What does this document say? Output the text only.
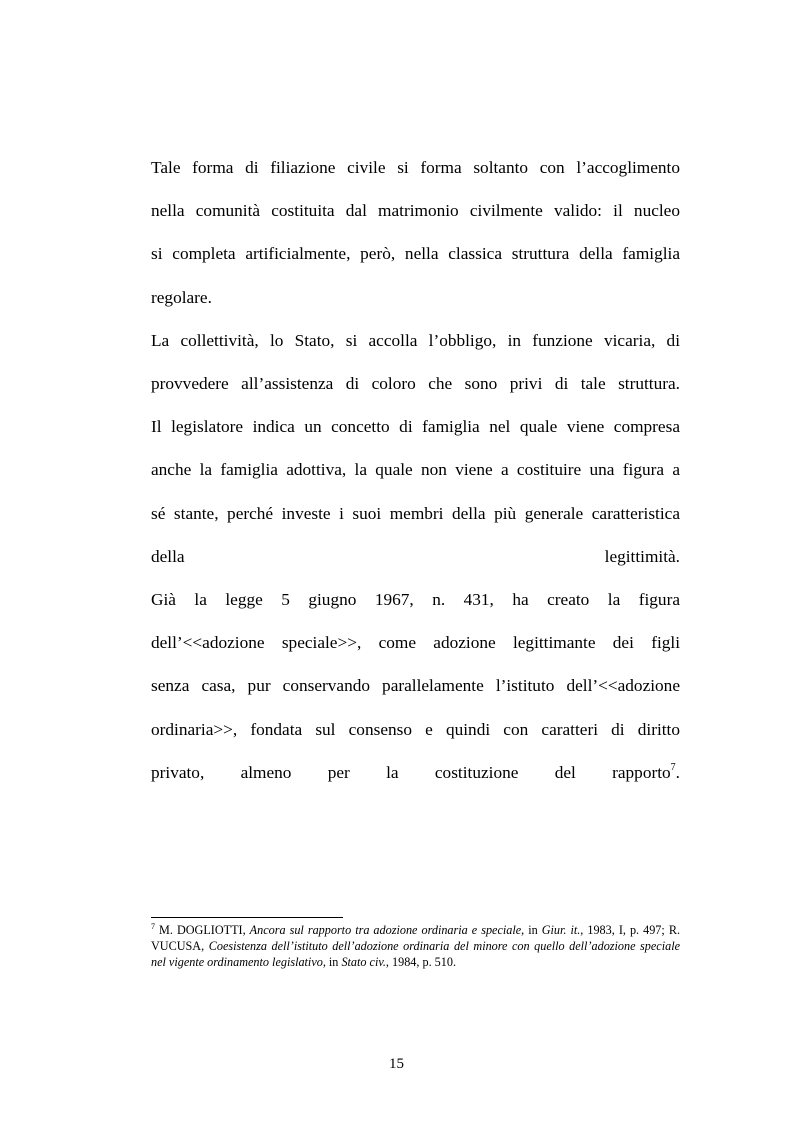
Tale forma di filiazione civile si forma soltanto con l’accoglimento
nella comunità costituita dal matrimonio civilmente valido: il nucleo
si completa artificialmente, però, nella classica struttura della famiglia
regolare.

La collettività, lo Stato, si accolla l’obbligo, in funzione vicaria, di
provvedere all’assistenza di coloro che sono privi di tale struttura.

Il legislatore indica un concetto di famiglia nel quale viene compresa
anche la famiglia adottiva, la quale non viene a costituire una figura a
sé stante, perché investe i suoi membri della più generale caratteristica
della legittimità.

Già la legge 5 giugno 1967, n. 431, ha creato la figura
dell’<<adozione speciale>>, come adozione legittimante dei figli
senza casa, pur conservando parallelamente l’istituto dell’<<adozione
ordinaria>>, fondata sul consenso e quindi con caratteri di diritto
privato, almeno per la costituzione del rapporto$^7$.

$^7$ M. DOGLIOTTI, Ancora sul rapporto tra adozione ordinaria e speciale, in Giur. it., 1983, I, p. 497; R. VUCUSA, Coesistenza dell’istituto dell’adozione ordinaria del minore con quello dell’adozione speciale nel vigente ordinamento legislativo, in Stato civ., 1984, p. 510.
15
